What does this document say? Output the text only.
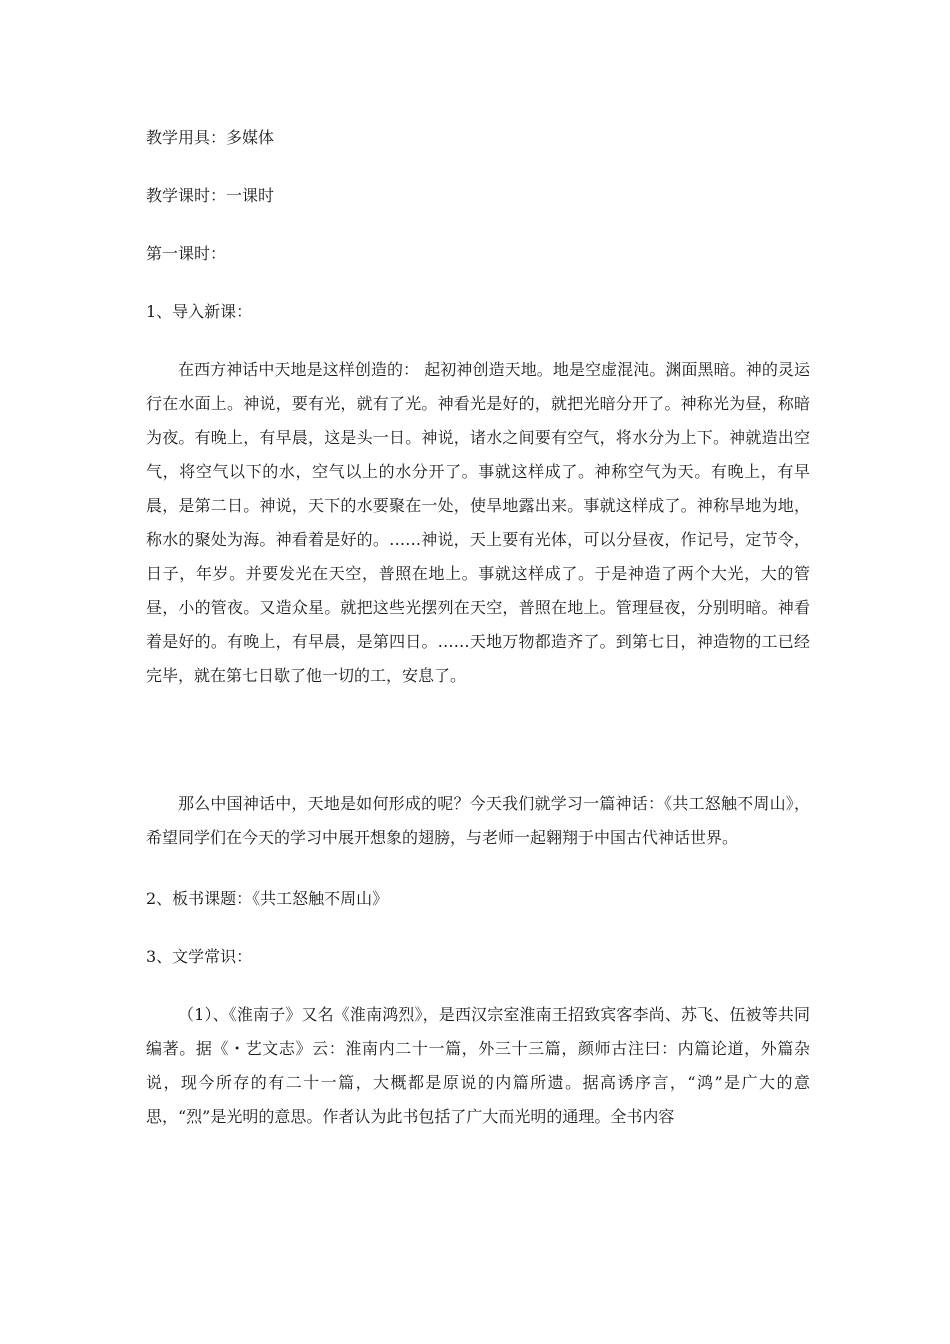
教学用具：多媒体
教学课时：一课时
第一课时：
1、导入新课：

在西方神话中天地是这样创造的： 起初神创造天地。地是空虚混沌。渊面黑暗。神的灵运行在水面上。神说，要有光，就有了光。神看光是好的，就把光暗分开了。神称光为昼，称暗为夜。有晚上，有早晨，这是头一日。神说，诸水之间要有空气，将水分为上下。神就造出空气，将空气以下的水，空气以上的水分开了。事就这样成了。神称空气为天。有晚上，有早晨，是第二日。神说，天下的水要聚在一处，使旱地露出来。事就这样成了。神称旱地为地，称水的聚处为海。神看着是好的。……神说，天上要有光体，可以分昼夜，作记号，定节令，日子，年岁。并要发光在天空，普照在地上。事就这样成了。于是神造了两个大光，大的管昼，小的管夜。又造众星。就把这些光摆列在天空，普照在地上。管理昼夜，分别明暗。神看着是好的。有晚上，有早晨，是第四日。……天地万物都造齐了。到第七日，神造物的工已经完毕，就在第七日歇了他一切的工，安息了。

那么中国神话中，天地是如何形成的呢？今天我们就学习一篇神话：《共工怒触不周山》，希望同学们在今天的学习中展开想象的翅膀，与老师一起翱翔于中国古代神话世界。

2、板书课题：《共工怒触不周山》
3、文学常识：

（1）、《淮南子》又名《淮南鸿烈》，是西汉宗室淮南王招致宾客李尚、苏飞、伍被等共同编著。据《・艺文志》云：淮南内二十一篇，外三十三篇，颜师古注曰：内篇论道，外篇杂说，现今所存的有二十一篇，大概都是原说的内篇所遗。据高诱序言，“鸿”是广大的意思，“烈”是光明的意思。作者认为此书包括了广大而光明的通理。全书内容
